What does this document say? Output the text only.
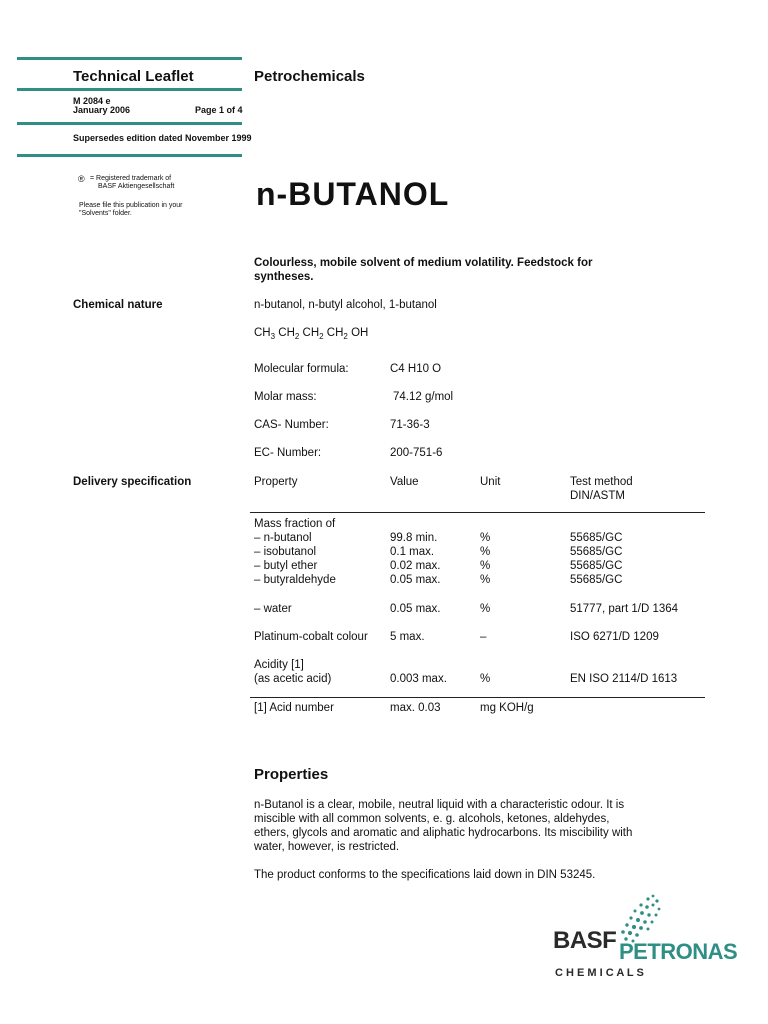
Technical Leaflet	Petrochemicals
M 2084 e
January 2006	Page 1 of 4
Supersedes edition dated November 1999
® = Registered trademark of
BASF Aktiengesellschaft
Please file this publication in your
"Solvents" folder.
n-BUTANOL
Colourless, mobile solvent of medium volatility. Feedstock for syntheses.
Chemical nature	n-butanol, n-butyl alcohol, 1-butanol
$CH_3$ $CH_2$ $CH_2$ $CH_2$ OH
Molecular formula:	C4 H10 O
Molar mass:	74.12 g/mol
CAS- Number:	71-36-3
EC- Number:	200-751-6
Delivery specification	Property	Value	Unit	Test method
DIN/ASTM
Mass fraction of
– n-butanol	99.8 min.	%	55685/GC
– isobutanol	0.1 max.	%	55685/GC
– butyl ether	0.02 max.	%	55685/GC
– butyraldehyde	0.05 max.	%	55685/GC
– water	0.05 max.	%	51777, part 1/D 1364
Platinum-cobalt colour 5 max.	–	ISO 6271/D 1209
Acidity [1]
(as acetic acid)	0.003 max.	%	EN ISO 2114/D 1613
[1] Acid number	max. 0.03	mg KOH/g
Properties
n-Butanol is a clear, mobile, neutral liquid with a characteristic odour. It is
miscible with all common solvents, e. g. alcohols, ketones, aldehydes,
ethers, glycols and aromatic and aliphatic hydrocarbons. Its miscibility with
water, however, is restricted.
The product conforms to the specifications laid down in DIN 53245.
BASF PETRONAS
C H E M I C A L S
